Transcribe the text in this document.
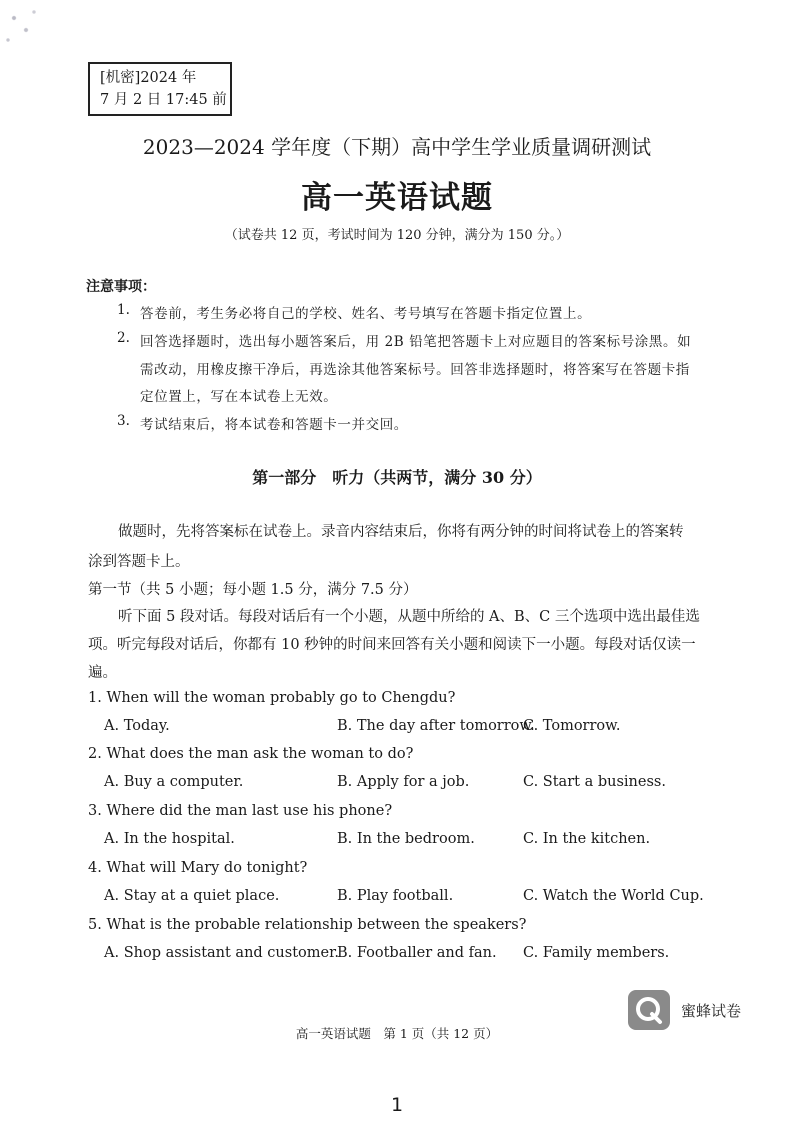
[机密]2024 年
7 月 2 日 17:45 前
2023—2024 学年度（下期）高中学生学业质量调研测试
高一英语试题
（试卷共 12 页，考试时间为 120 分钟，满分为 150 分。）
注意事项：
1. 答卷前，考生务必将自己的学校、姓名、考号填写在答题卡指定位置上。
2. 回答选择题时，选出每小题答案后，用 2B 铅笔把答题卡上对应题目的答案标号涂黑。如
需改动，用橡皮擦干净后，再选涂其他答案标号。回答非选择题时，将答案写在答题卡指
定位置上，写在本试卷上无效。
3. 考试结束后，将本试卷和答题卡一并交回。
第一部分　听力（共两节，满分 30 分）
做题时，先将答案标在试卷上。录音内容结束后，你将有两分钟的时间将试卷上的答案转
涂到答题卡上。
第一节（共 5 小题；每小题 1.5 分，满分 7.5 分）
听下面 5 段对话。每段对话后有一个小题，从题中所给的 A、B、C 三个选项中选出最佳选
项。听完每段对话后，你都有 10 秒钟的时间来回答有关小题和阅读下一小题。每段对话仅读一
遍。
1. When will the woman probably go to Chengdu?
A. Today.	B. The day after tomorrow.
C. Tomorrow.
2. What does the man ask the woman to do?
A. Buy a computer.	B. Apply for a job.	C. Start a business.
3. Where did the man last use his phone?
A. In the hospital.	B. In the bedroom.	C. In the kitchen.
4. What will Mary do tonight?
A. Stay at a quiet place.	B. Play football.	C. Watch the World Cup.
5. What is the probable relationship between the speakers?
A. Shop assistant and customer.
B. Footballer and fan. C. Family members.
蜜蜂试卷
高一英语试题　第 1 页（共 12 页）
1
